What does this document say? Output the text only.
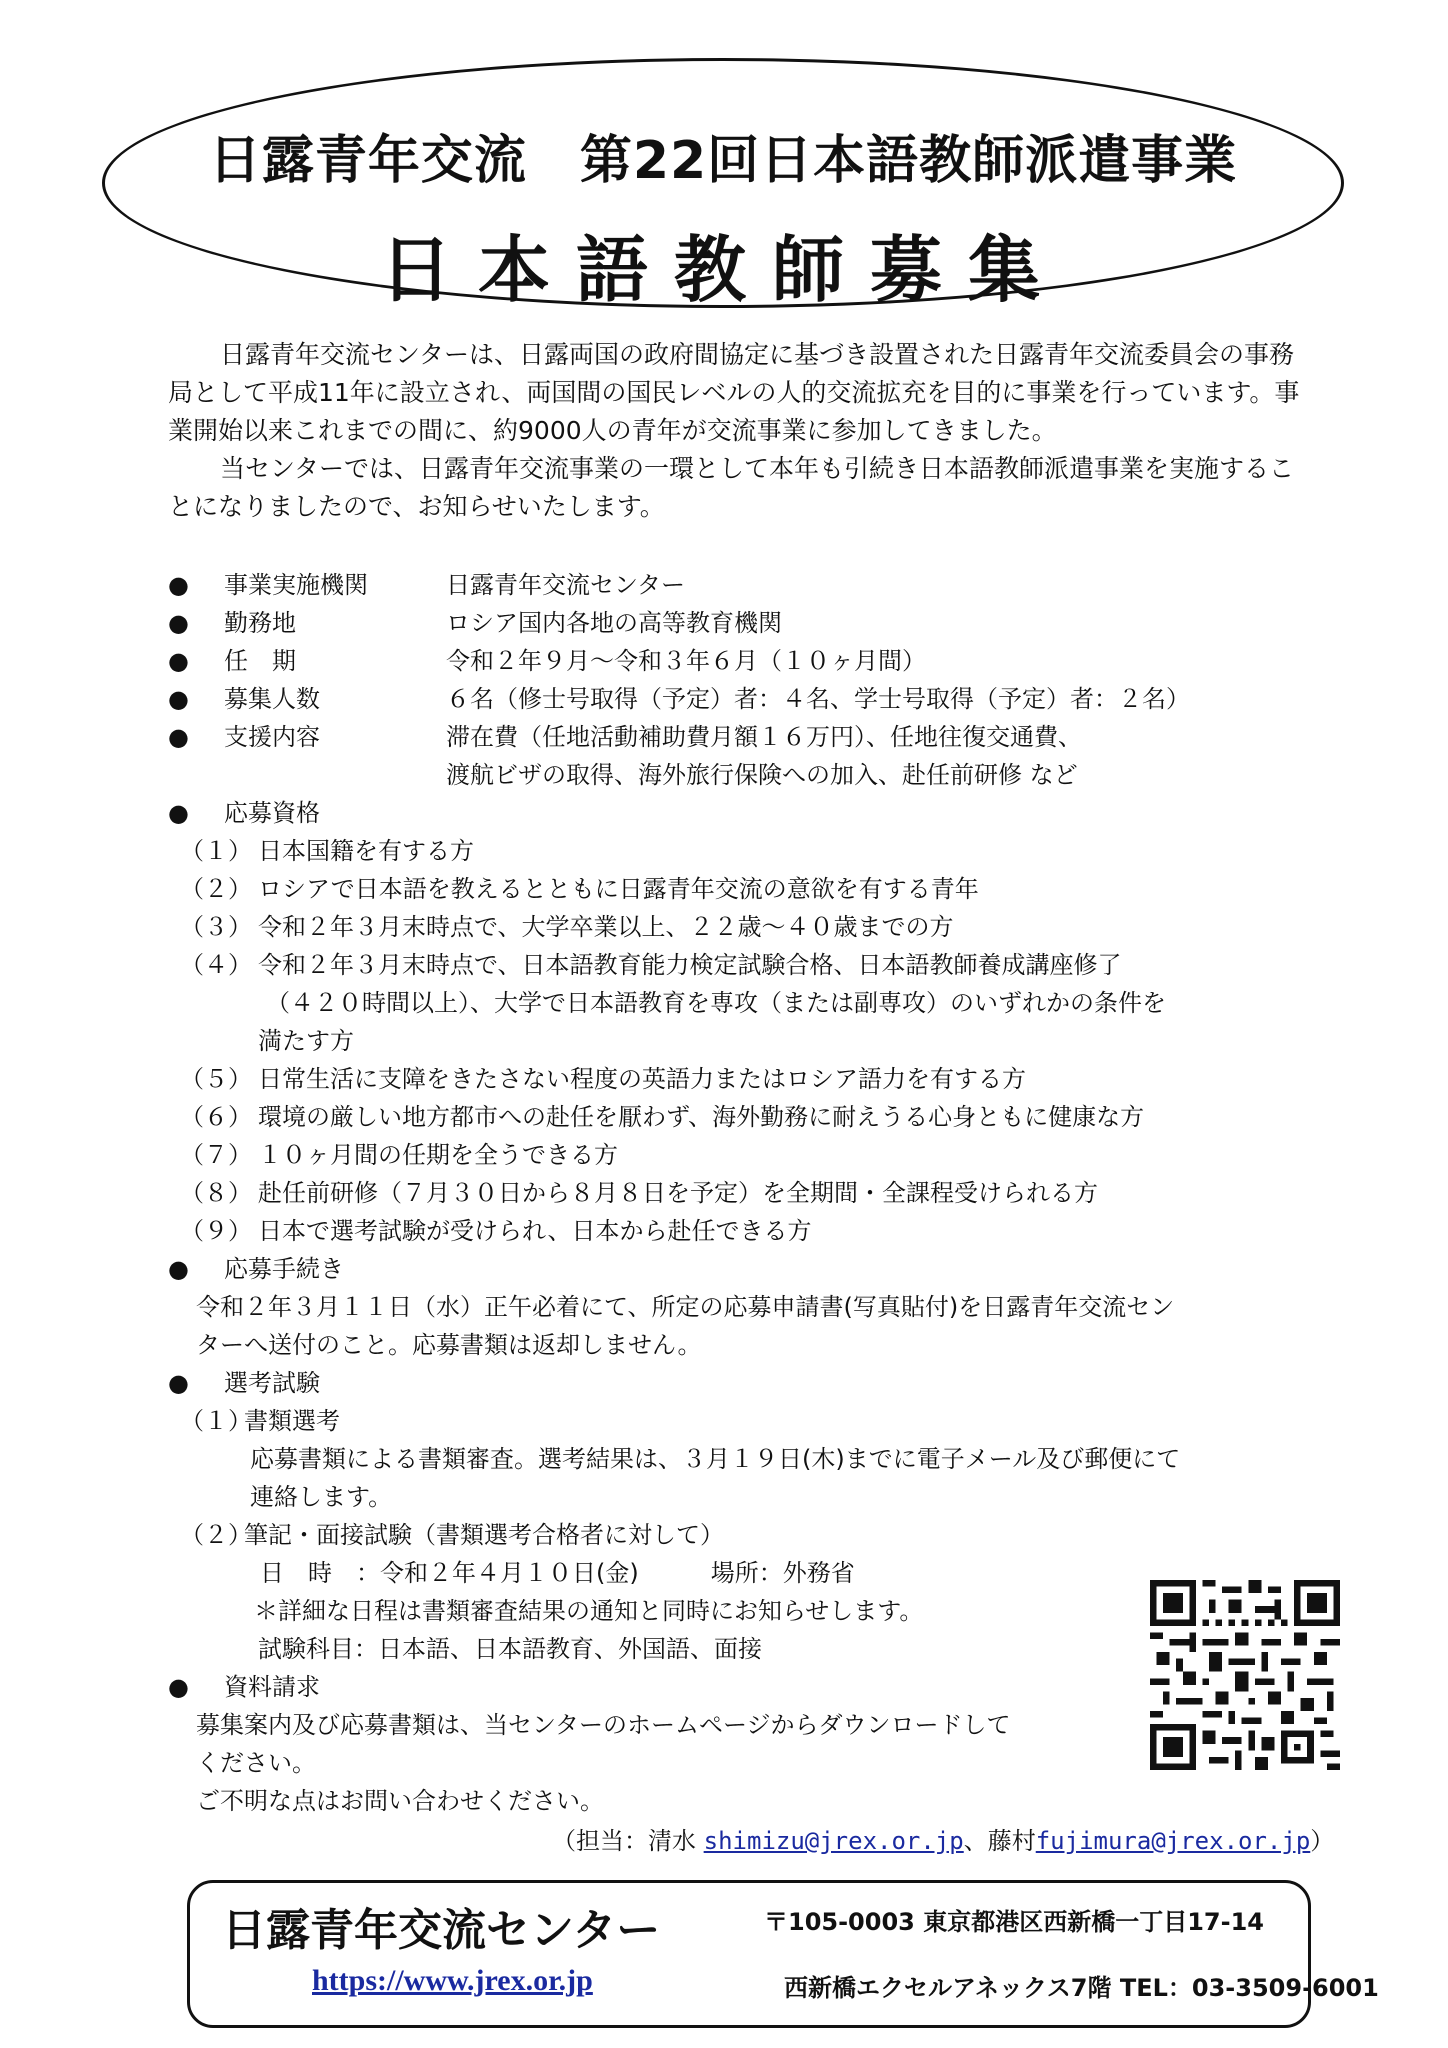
日露青年交流　第22回日本語教師派遣事業
日本語教師募集

日露青年交流センターは、日露両国の政府間協定に基づき設置された日露青年交流委員会の事務局として平成11年に設立され、両国間の国民レベルの人的交流拡充を目的に事業を行っています。事業開始以来これまでの間に、約9000人の青年が交流事業に参加してきました。

当センターでは、日露青年交流事業の一環として本年も引続き日本語教師派遣事業を実施することになりましたので、お知らせいたします。

● 事業実施機関	日露青年交流センター
● 勤務地	ロシア国内各地の高等教育機関
● 任　期	令和２年９月～令和３年６月（１０ヶ月間）
● 募集人数	６名（修士号取得（予定）者：４名、学士号取得（予定）者：２名）
● 支援内容	滞在費（任地活動補助費月額１６万円）、任地往復交通費、
渡航ビザの取得、海外旅行保険への加入、赴任前研修 など
● 応募資格
（１） 日本国籍を有する方
（２） ロシアで日本語を教えるとともに日露青年交流の意欲を有する青年
（３） 令和２年３月末時点で、大学卒業以上、２２歳～４０歳までの方
（４） 令和２年３月末時点で、日本語教育能力検定試験合格、日本語教師養成講座修了
（４２０時間以上）、大学で日本語教育を専攻（または副専攻）のいずれかの条件を
満たす方
（５） 日常生活に支障をきたさない程度の英語力またはロシア語力を有する方
（６） 環境の厳しい地方都市への赴任を厭わず、海外勤務に耐えうる心身ともに健康な方
（７） １０ヶ月間の任期を全うできる方
（８） 赴任前研修（７月３０日から８月８日を予定）を全期間・全課程受けられる方
（９） 日本で選考試験が受けられ、日本から赴任できる方
● 応募手続き
令和２年３月１１日（水）正午必着にて、所定の応募申請書(写真貼付)を日露青年交流セン
ターへ送付のこと。応募書類は返却しません。
● 選考試験
（１）
書類選考
応募書類による書類審査。選考結果は、３月１９日(木)までに電子メール及び郵便にて
連絡します。
（２）
筆記・面接試験（書類選考合格者に対して）
日　時　：令和２年４月１０日(金)　　　場所：外務省
＊詳細な日程は書類審査結果の通知と同時にお知らせします。
試験科目：日本語、日本語教育、外国語、面接
● 資料請求
募集案内及び応募書類は、当センターのホームページからダウンロードして
ください。
ご不明な点はお問い合わせください。
（担当：清水 shimizu@jrex.or.jp、藤村fujimura@jrex.or.jp）
日露青年交流センター	〒105-0003 東京都港区西新橋一丁目17-14
https://www.jrex.or.jp	西新橋エクセルアネックス7階 TEL：03-3509-6001
